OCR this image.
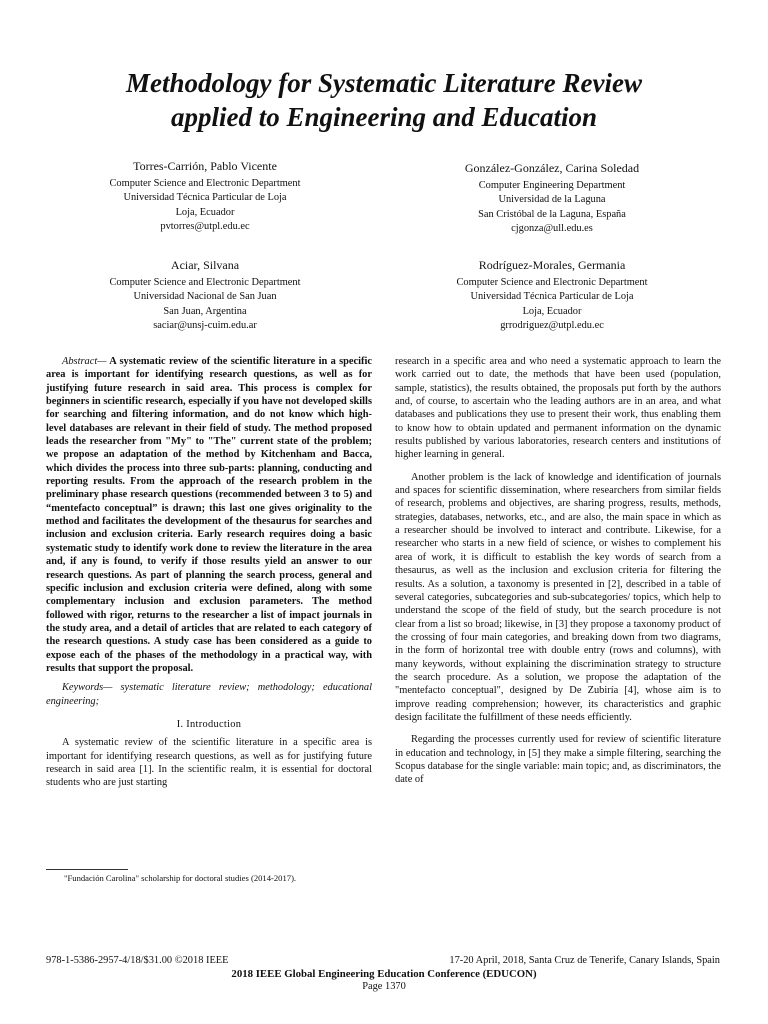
Methodology for Systematic Literature Review
applied to Engineering and Education
Torres-Carrión, Pablo Vicente
Computer Science and Electronic Department
Universidad Técnica Particular de Loja
Loja, Ecuador
pvtorres@utpl.edu.ec
González-González, Carina Soledad
Computer Engineering Department
Universidad de la Laguna
San Cristóbal de la Laguna, España
cjgonza@ull.edu.es
Aciar, Silvana
Computer Science and Electronic Department
Universidad Nacional de San Juan
San Juan, Argentina
saciar@unsj-cuim.edu.ar
Rodríguez-Morales, Germania
Computer Science and Electronic Department
Universidad Técnica Particular de Loja
Loja, Ecuador
grrodriguez@utpl.edu.ec

Abstract— A systematic review of the scientific literature in a specific area is important for identifying research questions, as well as for justifying future research in said area. This process is complex for beginners in scientific research, especially if you have not developed skills for searching and filtering information, and do not know which high-level databases are relevant in their field of study. The method proposed leads the researcher from "My" to "The" current state of the problem; we propose an adaptation of the method by Kitchenham and Bacca, which divides the process into three sub-parts: planning, conducting and reporting results. From the approach of the research problem in the preliminary phase research questions (recommended between 3 to 5) and “mentefacto conceptual” is drawn; this last one gives originality to the method and facilitates the development of the thesaurus for searches and inclusion and exclusion criteria. Early research requires doing a basic systematic study to identify work done to review the literature in the area and, if any is found, to verify if those results yield an answer to our research questions. As part of planning the search process, general and specific inclusion and exclusion criteria were defined, along with some complementary inclusion and exclusion parameters. The method followed with rigor, returns to the researcher a list of impact journals in the study area, and a detail of articles that are related to each category of the research questions. A study case has been considered as a guide to expose each of the phases of the methodology in a practical way, with results that support the proposal.

Keywords— systematic literature review; methodology; educational engineering;

I. Introduction

A systematic review of the scientific literature in a specific area is important for identifying research questions, as well as for justifying future research in said area [1]. In the scientific realm, it is essential for doctoral students who are just starting

research in a specific area and who need a systematic approach to learn the work carried out to date, the methods that have been used (population, sample, statistics), the results obtained, the proposals put forth by the authors and, of course, to ascertain who the leading authors are in an area, and what databases and publications they use to present their work, thus enabling them to know how to obtain updated and permanent information on the dynamic results published by various laboratories, research centers and institutions of higher learning in general.

Another problem is the lack of knowledge and identification of journals and spaces for scientific dissemination, where researchers from similar fields of research, problems and objectives, are sharing progress, results, methods, strategies, databases, networks, etc., and are also, the main space in which as a researcher should be involved to interact and contribute. Likewise, for a researcher who starts in a new field of science, or wishes to complement his area of work, it is difficult to establish the key words of search from a thesaurus, as well as the inclusion and exclusion criteria for filtering the results. As a solution, a taxonomy is presented in [2], described in a table of several categories, subcategories and sub-subcategories/ topics, which help to understand the scope of the field of study, but the search procedure is not clear from a list so broad; likewise, in [3] they propose a taxonomy product of the crossing of four main categories, and breaking down from two diagrams, in the form of horizontal tree with double entry (rows and columns), with many keywords, without explaining the discrimination strategy to structure the search procedure. As a solution, we propose the adaptation of the "mentefacto conceptual", designed by De Zubiría [4], whose aim is to improve reading comprehension; however, its characteristics and graphic design facilitate the fulfillment of these needs efficiently.

Regarding the processes currently used for review of scientific literature in education and technology, in [5] they make a simple filtering, searching the Scopus database for the single variable: main topic; and, as discriminators, the date of

"Fundación Carolina" scholarship for doctoral studies (2014-2017).
978-1-5386-2957-4/18/$31.00 ©2018 IEEE	17-20 April, 2018, Santa Cruz de Tenerife, Canary Islands, Spain
2018 IEEE Global Engineering Education Conference (EDUCON)
Page 1370
